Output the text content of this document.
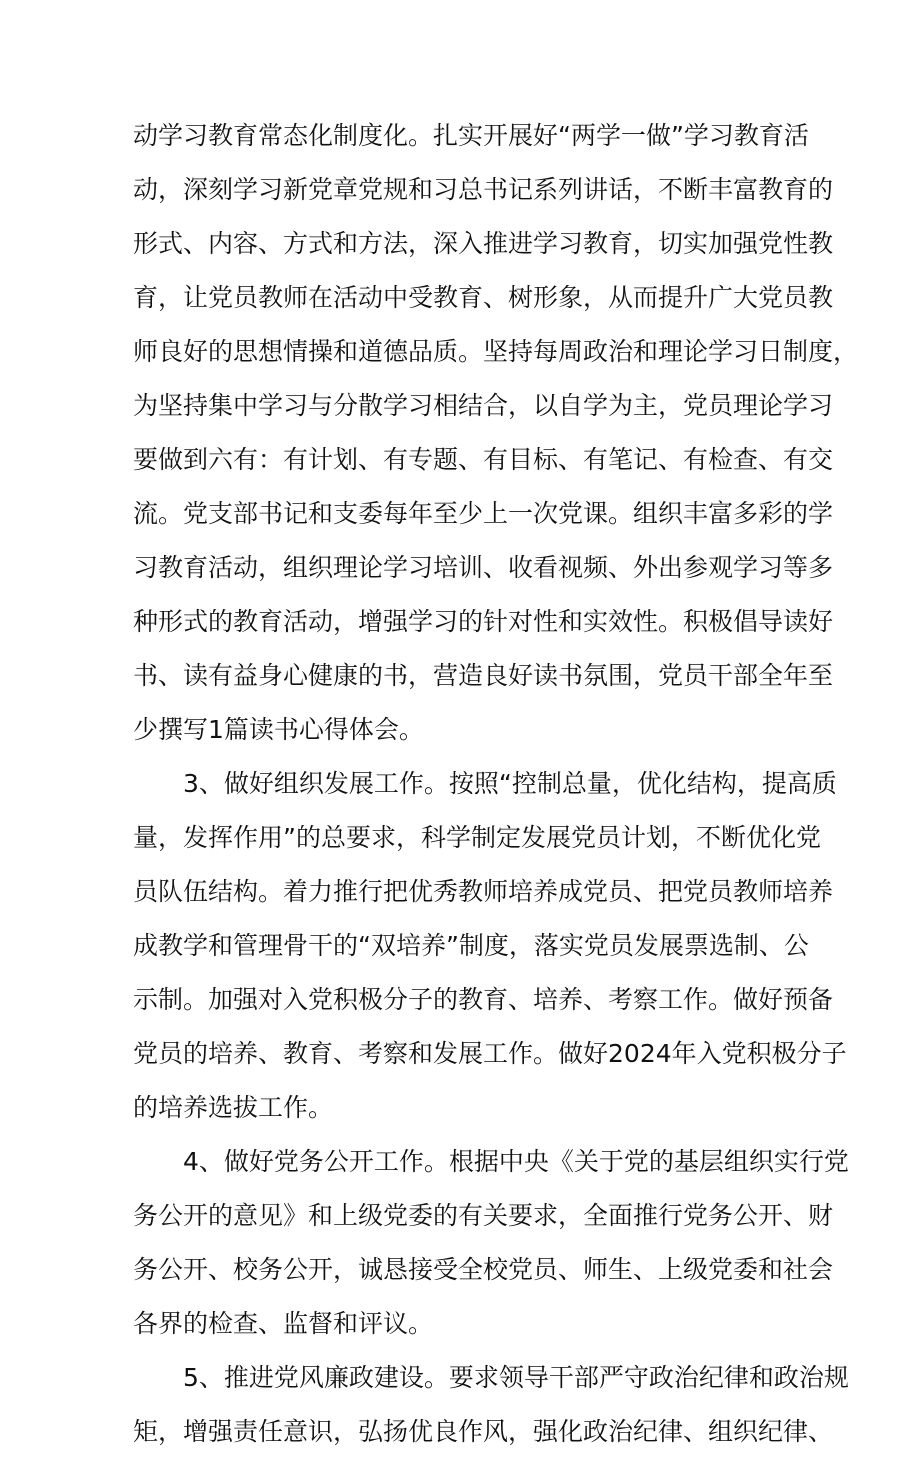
动学习教育常态化制度化。扎实开展好“两学一做”学习教育活
动，深刻学习新党章党规和习总书记系列讲话，不断丰富教育的
形式、内容、方式和方法，深入推进学习教育，切实加强党性教
育，让党员教师在活动中受教育、树形象，从而提升广大党员教
师良好的思想情操和道德品质。坚持每周政治和理论学习日制度，
为坚持集中学习与分散学习相结合，以自学为主，党员理论学习
要做到六有：有计划、有专题、有目标、有笔记、有检查、有交
流。党支部书记和支委每年至少上一次党课。组织丰富多彩的学
习教育活动，组织理论学习培训、收看视频、外出参观学习等多
种形式的教育活动，增强学习的针对性和实效性。积极倡导读好
书、读有益身心健康的书，营造良好读书氛围，党员干部全年至
少撰写1篇读书心得体会。
3、做好组织发展工作。按照“控制总量，优化结构，提高质
量，发挥作用”的总要求，科学制定发展党员计划，不断优化党
员队伍结构。着力推行把优秀教师培养成党员、把党员教师培养
成教学和管理骨干的“双培养”制度，落实党员发展票选制、公
示制。加强对入党积极分子的教育、培养、考察工作。做好预备
党员的培养、教育、考察和发展工作。做好2024年入党积极分子
的培养选拔工作。
4、做好党务公开工作。根据中央《关于党的基层组织实行党
务公开的意见》和上级党委的有关要求，全面推行党务公开、财
务公开、校务公开，诚恳接受全校党员、师生、上级党委和社会
各界的检查、监督和评议。
5、推进党风廉政建设。要求领导干部严守政治纪律和政治规
矩，增强责任意识，弘扬优良作风，强化政治纪律、组织纪律、
